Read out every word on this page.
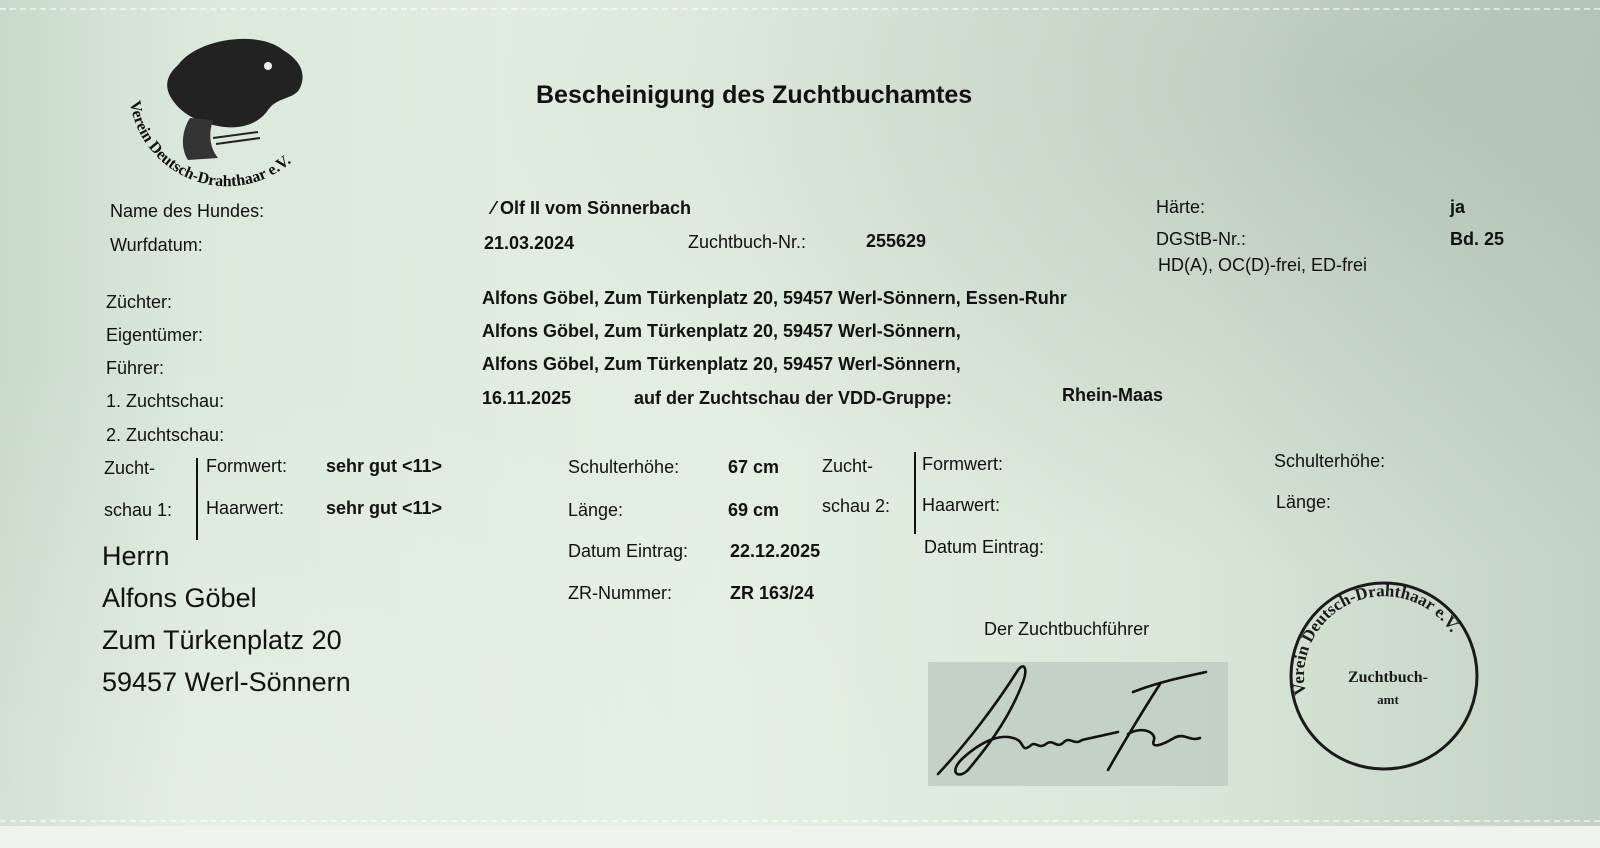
Verein Deutsch-Drahthaar e.V.
Bescheinigung des Zuchtbuchamtes
Name des Hundes:	⁄ Olf II vom Sönnerbach	Härte:	ja
Wurfdatum:	21.03.2024	Zuchtbuch-Nr.:	255629	DGStB-Nr.:	Bd. 25
HD(A), OC(D)-frei, ED-frei
Züchter:	Alfons Göbel, Zum Türkenplatz 20, 59457 Werl-Sönnern, Essen-Ruhr
Eigentümer:	Alfons Göbel, Zum Türkenplatz 20, 59457 Werl-Sönnern,
Führer:	Alfons Göbel, Zum Türkenplatz 20, 59457 Werl-Sönnern,
1. Zuchtschau:	16.11.2025	auf der Zuchtschau der VDD-Gruppe:	Rhein-Maas
2. Zuchtschau:
Zucht-
schau 1:
Formwert: sehr gut <11>
Haarwert: sehr gut <11>
Schulterhöhe:	67 cm
Länge:	69 cm
Datum Eintrag: 22.12.2025
ZR-Nummer:	ZR 163/24
Zucht-
schau 2:
Formwert:
Haarwert:
Datum Eintrag:
Schulterhöhe:
Länge:
Herrn
Alfons Göbel
Zum Türkenplatz 20
59457 Werl-Sönnern
Der Zuchtbuchführer
Verein Deutsch-Drahthaar e.V.
Zuchtbuch-
amt
